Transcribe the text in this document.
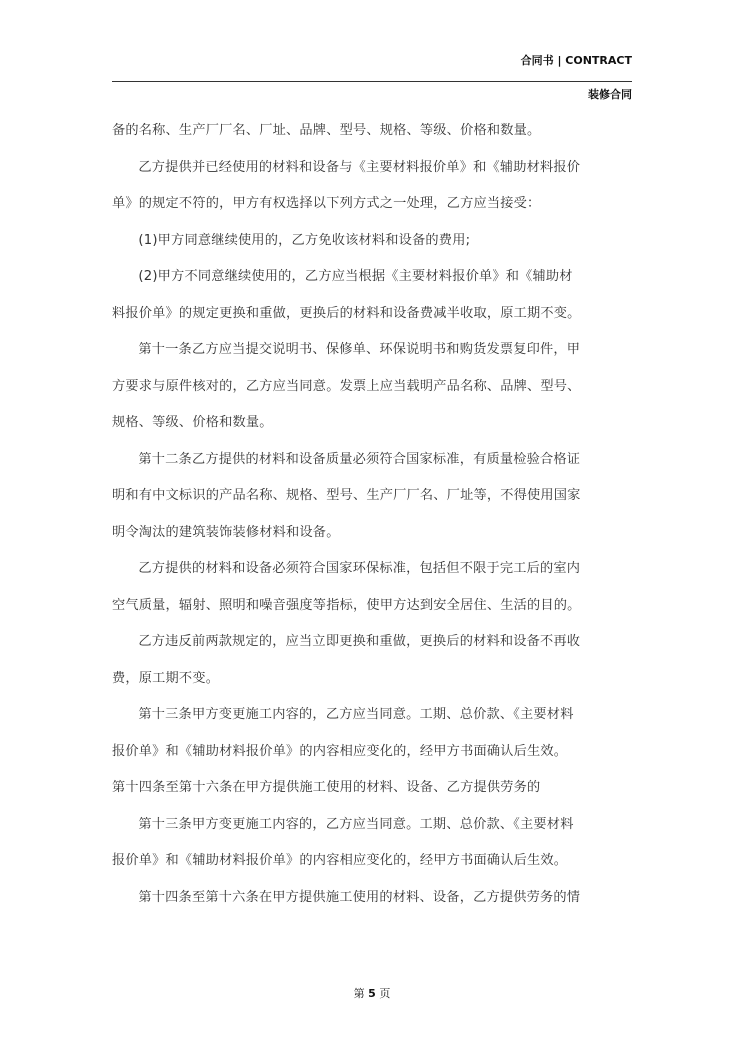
合同书 | CONTRACT
装修合同
备的名称、生产厂厂名、厂址、品牌、型号、规格、等级、价格和数量。
乙方提供并已经使用的材料和设备与《主要材料报价单》和《辅助材料报价
单》的规定不符的，甲方有权选择以下列方式之一处理，乙方应当接受：
(1)甲方同意继续使用的，乙方免收该材料和设备的费用;
(2)甲方不同意继续使用的，乙方应当根据《主要材料报价单》和《辅助材
料报价单》的规定更换和重做，更换后的材料和设备费减半收取，原工期不变。
第十一条乙方应当提交说明书、保修单、环保说明书和购货发票复印件，甲
方要求与原件核对的，乙方应当同意。发票上应当载明产品名称、品牌、型号、
规格、等级、价格和数量。
第十二条乙方提供的材料和设备质量必须符合国家标准，有质量检验合格证
明和有中文标识的产品名称、规格、型号、生产厂厂名、厂址等，不得使用国家
明令淘汰的建筑装饰装修材料和设备。
乙方提供的材料和设备必须符合国家环保标准，包括但不限于完工后的室内
空气质量，辐射、照明和噪音强度等指标，使甲方达到安全居住、生活的目的。
乙方违反前两款规定的，应当立即更换和重做，更换后的材料和设备不再收
费，原工期不变。
第十三条甲方变更施工内容的，乙方应当同意。工期、总价款、《主要材料
报价单》和《辅助材料报价单》的内容相应变化的，经甲方书面确认后生效。
第十四条至第十六条在甲方提供施工使用的材料、设备、乙方提供劳务的
第十三条甲方变更施工内容的，乙方应当同意。工期、总价款、《主要材料
报价单》和《辅助材料报价单》的内容相应变化的，经甲方书面确认后生效。
第十四条至第十六条在甲方提供施工使用的材料、设备，乙方提供劳务的情
第 5 页
